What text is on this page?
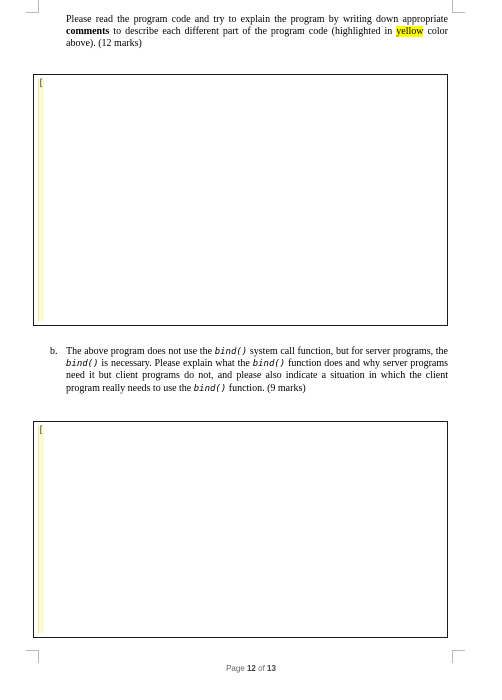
Please read the program code and try to explain the program by writing down appropriate comments to describe each different part of the program code (highlighted in yellow color above). (12 marks)
[
b. The above program does not use the bind() system call function, but for server programs, the bind() is necessary. Please explain what the bind() function does and why server programs need it but client programs do not, and please also indicate a situation in which the client program really needs to use the bind() function. (9 marks)
[
Page 12 of 13
